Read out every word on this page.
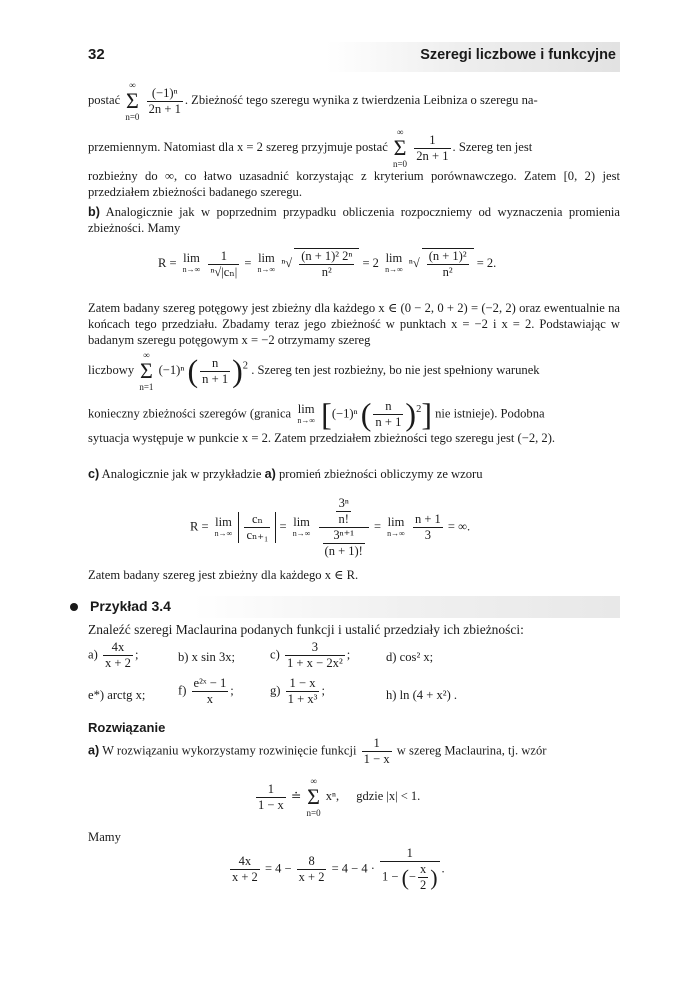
32	Szeregi liczbowe i funkcyjne
postać ∞
Σ
n=0
$\frac{\text{(−1)ⁿ}}{2n + 1}$ . Zbieżność tego szeregu wynika z twierdzenia Leibniza o szeregu na-
przemiennym. Natomiast dla x = 2 szereg przyjmuje postać ∞
Σ
n=0
$\frac{1}{2n + 1}$ . Szereg ten jest
rozbieżny do ∞, co łatwo uzasadnić korzystając z kryterium porównawczego. Zatem [0, 2) jest przedziałem zbieżności badanego szeregu.
b) Analogicznie jak w poprzednim przypadku obliczenia rozpoczniemy od wyznaczenia promienia zbieżności. Mamy
R = lim
n→∞
$\frac{1}{\text{ⁿ√|cₙ|}} = \lim$
n→∞ $^n√ \frac{\text{(n + 1)² 2ⁿ}}{\text{n²}} = 2$ lim
n→∞ $^n√ \frac{\text{(n + 1)²}}{\text{n²}} = 2$.
Zatem badany szereg potęgowy jest zbieżny dla każdego x ∈ (0 − 2, 0 + 2) = (−2, 2) oraz ewentualnie na końcach tego przedziału. Zbadamy teraz jego zbieżność w punktach x = −2 i x = 2. Podstawiając w badanym szeregu potęgowym x = −2 otrzymamy szereg
liczbowy ∞
Σ
n=1 (−1)ⁿ ( $\frac{n}{n + 1} )^2$ . Szereg ten jest rozbieżny, bo nie jest spełniony warunek
konieczny zbieżności szeregów (granica lim
n→∞ [(−1)ⁿ ( $\frac{n}{n + 1} )^2$] nie istnieje). Podobna
sytuacja występuje w punkcie x = 2. Zatem przedziałem zbieżności tego szeregu jest (−2, 2).
c) Analogicznie jak w przykładzie a) promień zbieżności obliczymy ze wzoru
R = lim
n→∞
$\frac{\text{cₙ}}{\text{cₙ₊₁}} = \lim$
n→∞
$\frac{\frac{\text{3ⁿ}}{n!}}{\frac{\text{3ⁿ⁺¹}}{(n + 1)!}} = \lim$
n→∞
$\frac{n + 1}{3}$ = ∞.
Zatem badany szereg jest zbieżny dla każdego x ∈ R.
Przykład 3.4
Znaleźć szeregi Maclaurina podanych funkcji i ustalić przedziały ich zbieżności:
$a) \frac{4x}{x + 2}$ ;	b) x sin 3x;	$c) \frac{3}{\text{1 + x − 2x²}}$ ;	d) cos² x;
e*) arctg x;	$f) \frac{\text{e²ˣ − 1}}{x}$ ;	$g) \frac{1 - x}{\text{1 + x³}}$ ;	h) ln (4 + x²) .
Rozwiązanie
a) W rozwiązaniu wykorzystamy rozwinięcie funkcji $\frac{1}{1 - x}$ w szereg Maclaurina, tj. wzór
$\frac{1}{1 - x}$ ≐ ∞
Σ
n=0 xⁿ, gdzie |x| < 1.
Mamy
$\frac{4x}{x + 2} = 4 - \frac{8}{x + 2} = 4 - 4 \cdot \frac{1}{1 - (- \frac{x}{2} )}$ .
